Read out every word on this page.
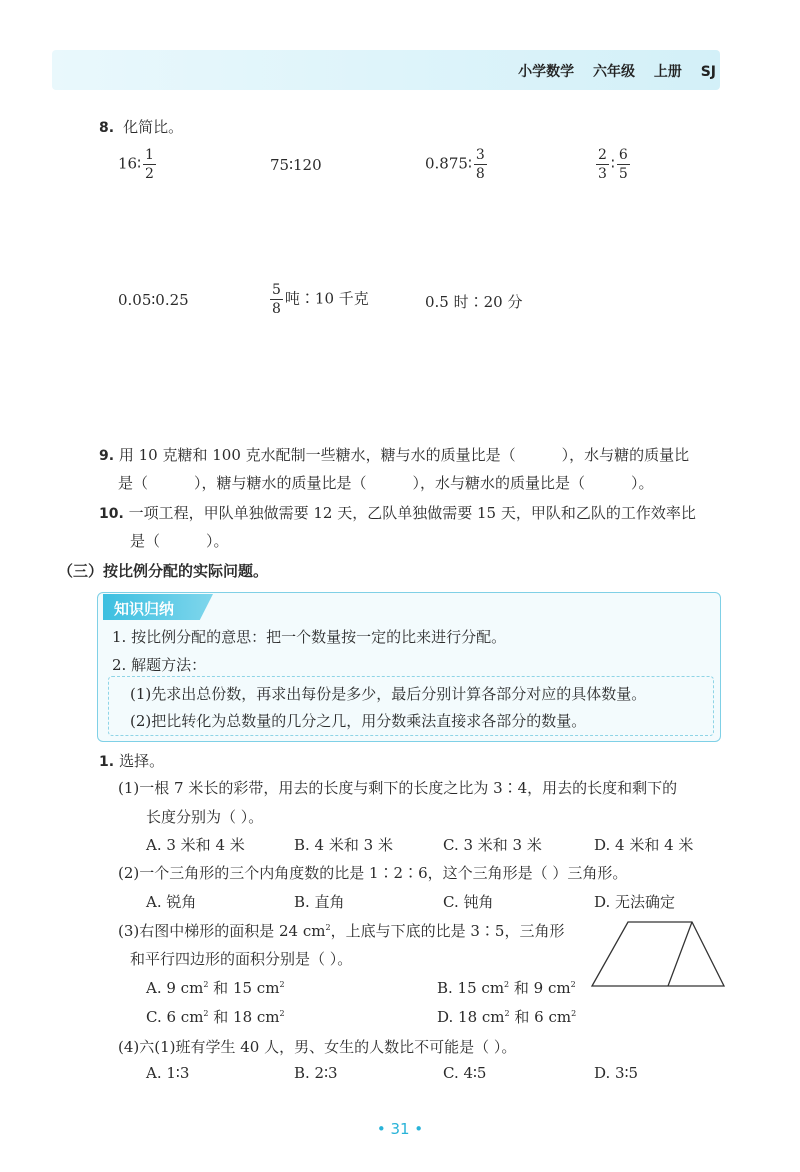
小学数学 六年级 上册 SJ
8. 化简比。
16∶ $\frac{1}{2}$	75∶120	0.875∶ $\frac{3}{8}$	$\frac{2}{3}$ ∶ $\frac{6}{5}$
0.05∶0.25	$\frac{5}{8}$ 吨∶10 千克	0.5 时∶20 分
9. 用 10 克糖和 100 克水配制一些糖水，糖与水的质量比是（	），水与糖的质量比
是（	），糖与糖水的质量比是（	），水与糖水的质量比是（	）。
10. 一项工程，甲队单独做需要 12 天，乙队单独做需要 15 天，甲队和乙队的工作效率比
是（	）。
（三）按比例分配的实际问题。
知识归纳
1. 按比例分配的意思：把一个数量按一定的比来进行分配。
2. 解题方法：
(1)先求出总份数，再求出每份是多少，最后分别计算各部分对应的具体数量。
(2)把比转化为总数量的几分之几，用分数乘法直接求各部分的数量。
1. 选择。
(1)一根 7 米长的彩带，用去的长度与剩下的长度之比为 3∶4，用去的长度和剩下的
长度分别为（ ）。
A. 3 米和 4 米	B. 4 米和 3 米	C. 3 米和 3 米	D. 4 米和 4 米
(2)一个三角形的三个内角度数的比是 1∶2∶6，这个三角形是（ ）三角形。
A. 锐角	B. 直角	C. 钝角	D. 无法确定
(3)右图中梯形的面积是 24 $cm^2$，上底与下底的比是 3∶5，三角形
和平行四边形的面积分别是（ ）。
A. 9 $cm^2$ 和 15 $cm^2$	B. 15 $cm^2$ 和 9 $cm^2$
C. 6 $cm^2$ 和 18 $cm^2$	D. 18 $cm^2$ 和 6 $cm^2$
(4)六(1)班有学生 40 人，男、女生的人数比不可能是（ ）。
A. 1∶3	B. 2∶3	C. 4∶5	D. 3∶5
• 31 •
